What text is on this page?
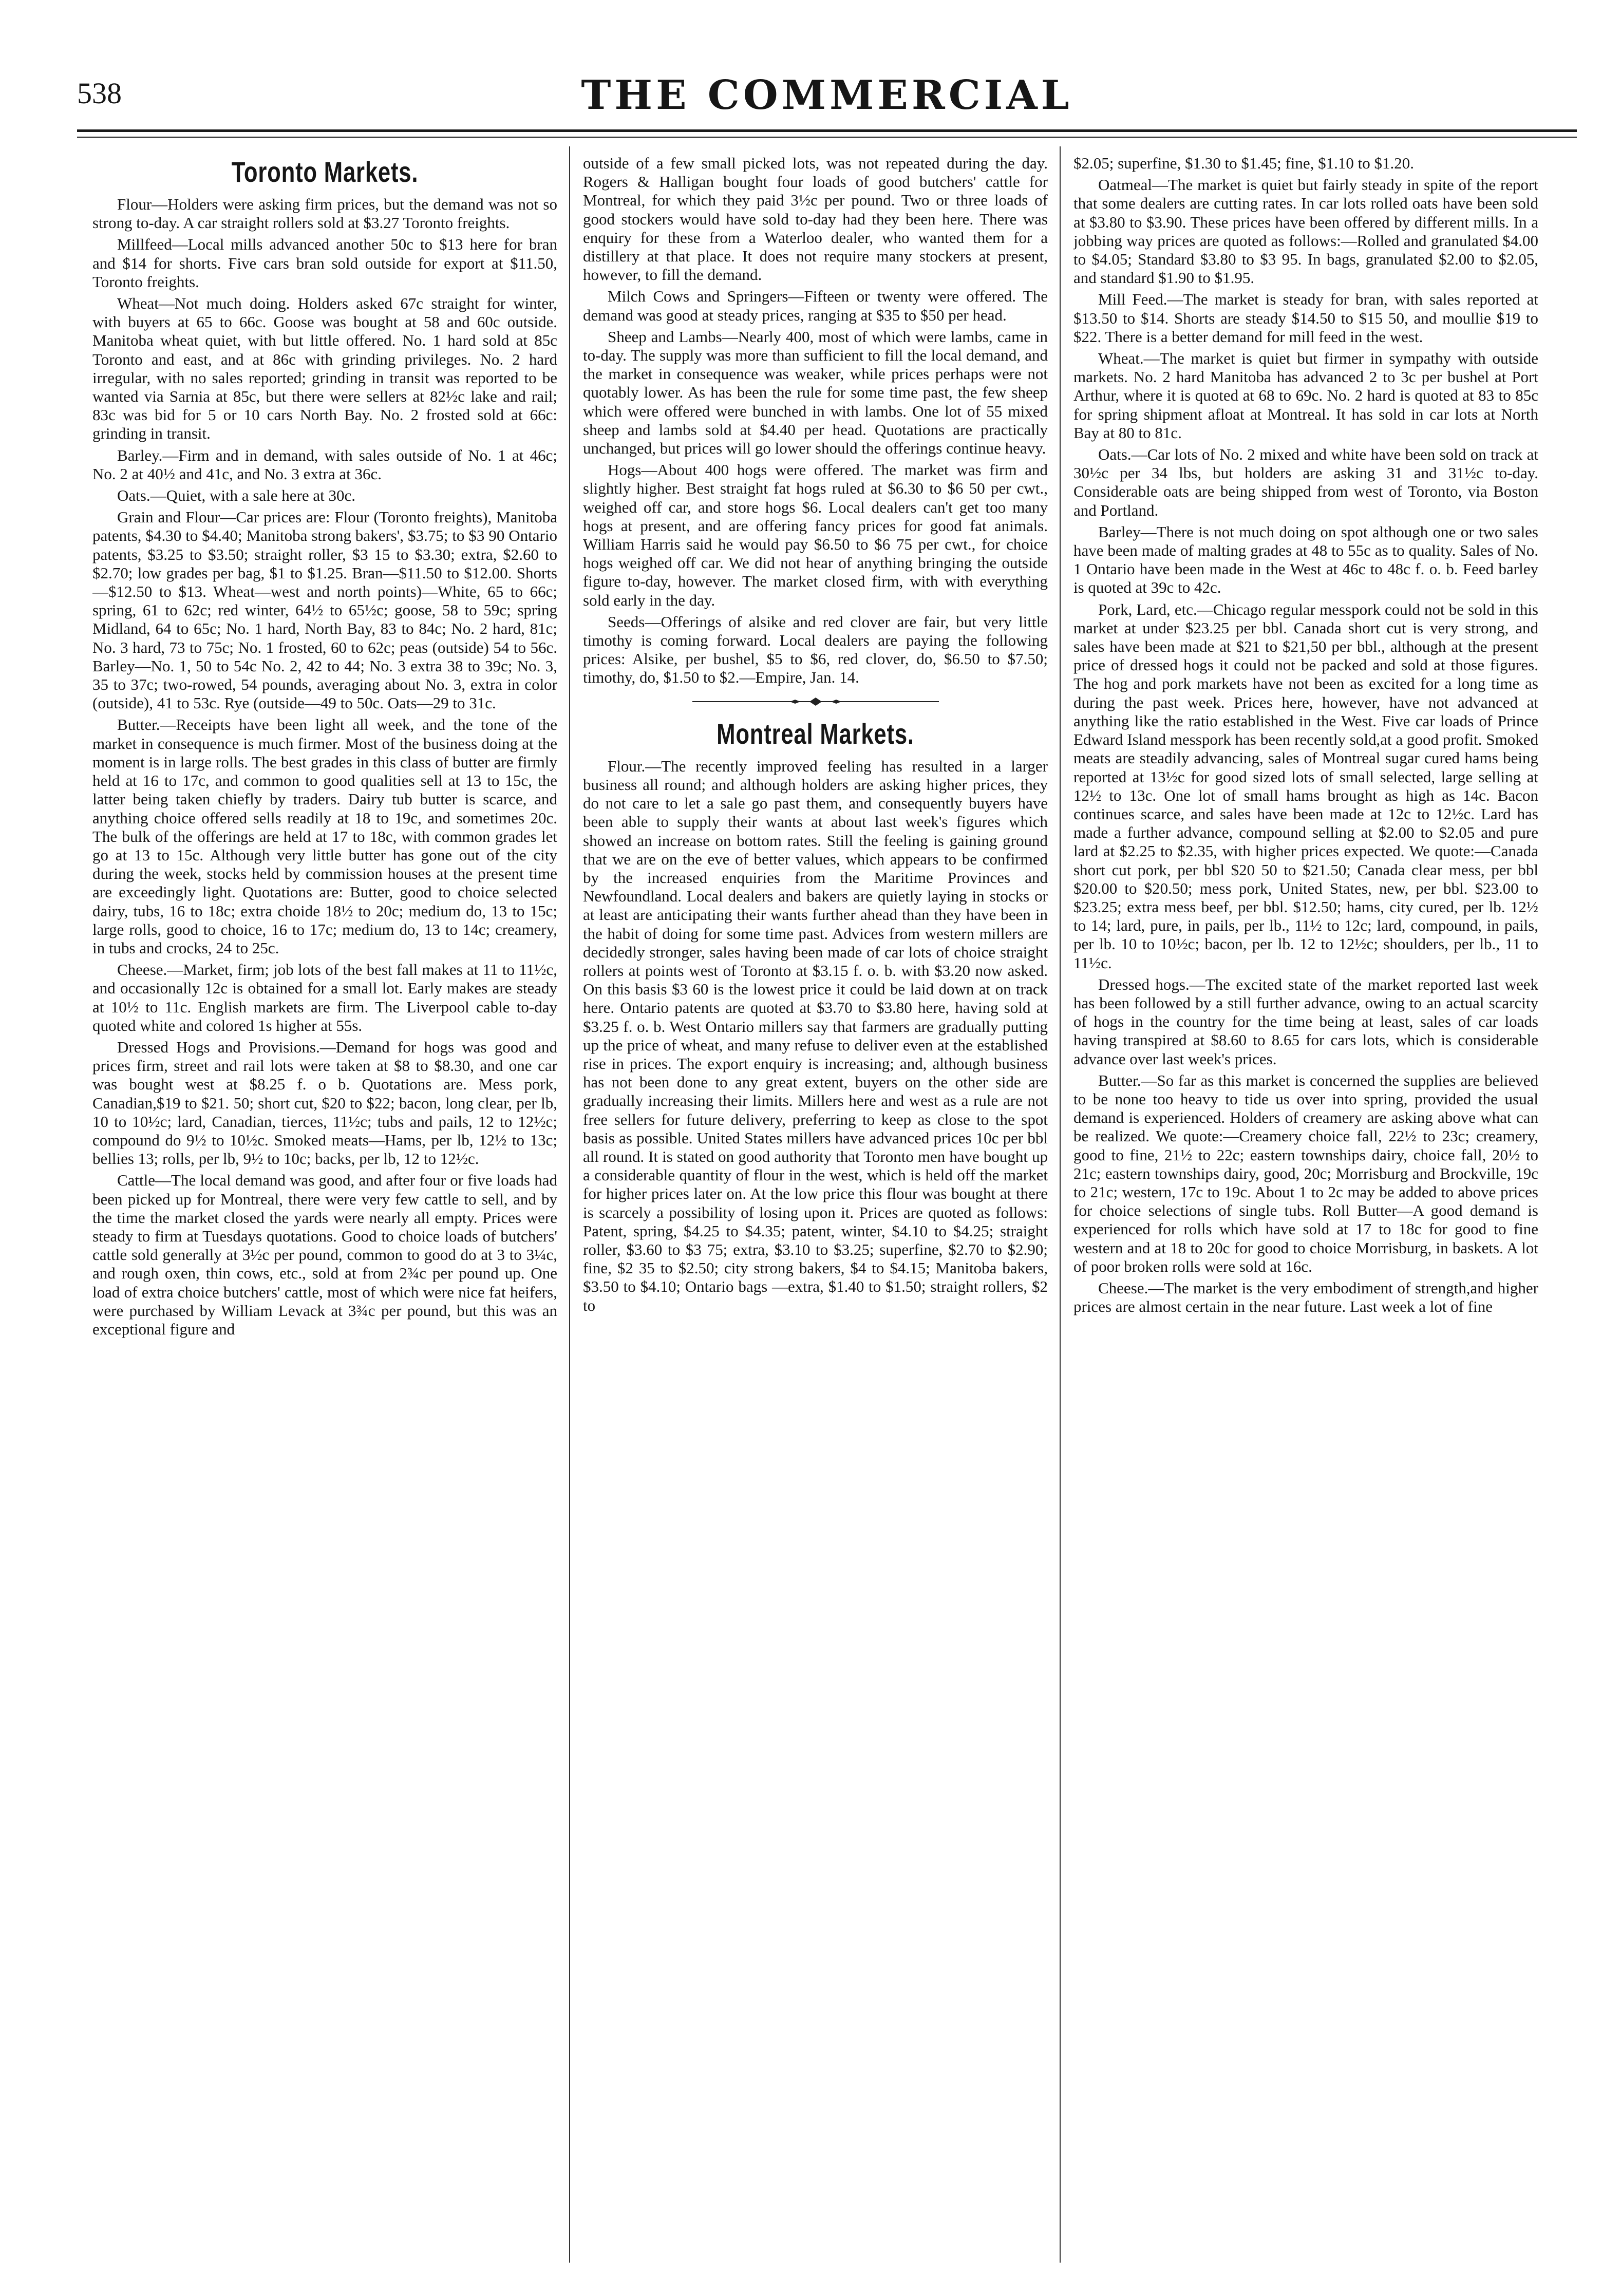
538	THE COMMERCIAL
Toronto Markets.

Flour—Holders were asking firm prices, but the demand was not so strong to-day. A car straight rollers sold at $3.27 Toronto freights.

Millfeed—Local mills advanced another 50c to $13 here for bran and $14 for shorts. Five cars bran sold outside for export at $11.50, Toronto freights.

Wheat—Not much doing. Holders asked 67c straight for winter, with buyers at 65 to 66c. Goose was bought at 58 and 60c outside. Manitoba wheat quiet, with but little offered. No. 1 hard sold at 85c Toronto and east, and at 86c with grinding privileges. No. 2 hard irregular, with no sales reported; grinding in transit was reported to be wanted via Sarnia at 85c, but there were sellers at 82½c lake and rail; 83c was bid for 5 or 10 cars North Bay. No. 2 frosted sold at 66c: grinding in transit.

Barley.—Firm and in demand, with sales outside of No. 1 at 46c; No. 2 at 40½ and 41c, and No. 3 extra at 36c.

Oats.—Quiet, with a sale here at 30c.

Grain and Flour—Car prices are: Flour (Toronto freights), Manitoba patents, $4.30 to $4.40; Manitoba strong bakers', $3.75; to $3 90 Ontario patents, $3.25 to $3.50; straight roller, $3 15 to $3.30; extra, $2.60 to $2.70; low grades per bag, $1 to $1.25. Bran—$11.50 to $12.00. Shorts—$12.50 to $13. Wheat—west and north points)—White, 65 to 66c; spring, 61 to 62c; red winter, 64½ to 65½c; goose, 58 to 59c; spring Midland, 64 to 65c; No. 1 hard, North Bay, 83 to 84c; No. 2 hard, 81c; No. 3 hard, 73 to 75c; No. 1 frosted, 60 to 62c; peas (outside) 54 to 56c. Barley—No. 1, 50 to 54c No. 2, 42 to 44; No. 3 extra 38 to 39c; No. 3, 35 to 37c; two-rowed, 54 pounds, averaging about No. 3, extra in color (outside), 41 to 53c. Rye (outside—49 to 50c. Oats—29 to 31c.

Butter.—Receipts have been light all week, and the tone of the market in consequence is much firmer. Most of the business doing at the moment is in large rolls. The best grades in this class of butter are firmly held at 16 to 17c, and common to good qualities sell at 13 to 15c, the latter being taken chiefly by traders. Dairy tub butter is scarce, and anything choice offered sells readily at 18 to 19c, and sometimes 20c. The bulk of the offerings are held at 17 to 18c, with common grades let go at 13 to 15c. Although very little butter has gone out of the city during the week, stocks held by commission houses at the present time are exceedingly light. Quotations are: Butter, good to choice selected dairy, tubs, 16 to 18c; extra choide 18½ to 20c; medium do, 13 to 15c; large rolls, good to choice, 16 to 17c; medium do, 13 to 14c; creamery, in tubs and crocks, 24 to 25c.

Cheese.—Market, firm; job lots of the best fall makes at 11 to 11½c, and occasionally 12c is obtained for a small lot. Early makes are steady at 10½ to 11c. English markets are firm. The Liverpool cable to-day quoted white and colored 1s higher at 55s.

Dressed Hogs and Provisions.—Demand for hogs was good and prices firm, street and rail lots were taken at $8 to $8.30, and one car was bought west at $8.25 f. o b. Quotations are. Mess pork, Canadian,$19 to $21. 50; short cut, $20 to $22; bacon, long clear, per lb, 10 to 10½c; lard, Canadian, tierces, 11½c; tubs and pails, 12 to 12½c; compound do 9½ to 10½c. Smoked meats—Hams, per lb, 12½ to 13c; bellies 13; rolls, per lb, 9½ to 10c; backs, per lb, 12 to 12½c.

Cattle—The local demand was good, and after four or five loads had been picked up for Montreal, there were very few cattle to sell, and by the time the market closed the yards were nearly all empty. Prices were steady to firm at Tuesdays quotations. Good to choice loads of butchers' cattle sold generally at 3½c per pound, common to good do at 3 to 3¼c, and rough oxen, thin cows, etc., sold at from 2¾c per pound up. One load of extra choice butchers' cattle, most of which were nice fat heifers, were purchased by William Levack at 3¾c per pound, but this was an exceptional figure and

outside of a few small picked lots, was not repeated during the day. Rogers & Halligan bought four loads of good butchers' cattle for Montreal, for which they paid 3½c per pound. Two or three loads of good stockers would have sold to-day had they been here. There was enquiry for these from a Waterloo dealer, who wanted them for a distillery at that place. It does not require many stockers at present, however, to fill the demand.

Milch Cows and Springers—Fifteen or twenty were offered. The demand was good at steady prices, ranging at $35 to $50 per head.

Sheep and Lambs—Nearly 400, most of which were lambs, came in to-day. The supply was more than sufficient to fill the local demand, and the market in consequence was weaker, while prices perhaps were not quotably lower. As has been the rule for some time past, the few sheep which were offered were bunched in with lambs. One lot of 55 mixed sheep and lambs sold at $4.40 per head. Quotations are practically unchanged, but prices will go lower should the offerings continue heavy.

Hogs—About 400 hogs were offered. The market was firm and slightly higher. Best straight fat hogs ruled at $6.30 to $6 50 per cwt., weighed off car, and store hogs $6. Local dealers can't get too many hogs at present, and are offering fancy prices for good fat animals. William Harris said he would pay $6.50 to $6 75 per cwt., for choice hogs weighed off car. We did not hear of anything bringing the outside figure to-day, however. The market closed firm, with with everything sold early in the day.

Seeds—Offerings of alsike and red clover are fair, but very little timothy is coming forward. Local dealers are paying the following prices: Alsike, per bushel, $5 to $6, red clover, do, $6.50 to $7.50; timothy, do, $1.50 to $2.—Empire, Jan. 14.

Montreal Markets.

Flour.—The recently improved feeling has resulted in a larger business all round; and although holders are asking higher prices, they do not care to let a sale go past them, and consequently buyers have been able to supply their wants at about last week's figures which showed an increase on bottom rates. Still the feeling is gaining ground that we are on the eve of better values, which appears to be confirmed by the increased enquiries from the Maritime Provinces and Newfoundland. Local dealers and bakers are quietly laying in stocks or at least are anticipating their wants further ahead than they have been in the habit of doing for some time past. Advices from western millers are decidedly stronger, sales having been made of car lots of choice straight rollers at points west of Toronto at $3.15 f. o. b. with $3.20 now asked. On this basis $3 60 is the lowest price it could be laid down at on track here. Ontario patents are quoted at $3.70 to $3.80 here, having sold at $3.25 f. o. b. West Ontario millers say that farmers are gradually putting up the price of wheat, and many refuse to deliver even at the established rise in prices. The export enquiry is increasing; and, although business has not been done to any great extent, buyers on the other side are gradually increasing their limits. Millers here and west as a rule are not free sellers for future delivery, preferring to keep as close to the spot basis as possible. United States millers have advanced prices 10c per bbl all round. It is stated on good authority that Toronto men have bought up a considerable quantity of flour in the west, which is held off the market for higher prices later on. At the low price this flour was bought at there is scarcely a possibility of losing upon it. Prices are quoted as follows: Patent, spring, $4.25 to $4.35; patent, winter, $4.10 to $4.25; straight roller, $3.60 to $3 75; extra, $3.10 to $3.25; superfine, $2.70 to $2.90; fine, $2 35 to $2.50; city strong bakers, $4 to $4.15; Manitoba bakers, $3.50 to $4.10; Ontario bags —extra, $1.40 to $1.50; straight rollers, $2 to

$2.05; superfine, $1.30 to $1.45; fine, $1.10 to $1.20.

Oatmeal—The market is quiet but fairly steady in spite of the report that some dealers are cutting rates. In car lots rolled oats have been sold at $3.80 to $3.90. These prices have been offered by different mills. In a jobbing way prices are quoted as follows:—Rolled and granulated $4.00 to $4.05; Standard $3.80 to $3 95. In bags, granulated $2.00 to $2.05, and standard $1.90 to $1.95.

Mill Feed.—The market is steady for bran, with sales reported at $13.50 to $14. Shorts are steady $14.50 to $15 50, and moullie $19 to $22. There is a better demand for mill feed in the west.

Wheat.—The market is quiet but firmer in sympathy with outside markets. No. 2 hard Manitoba has advanced 2 to 3c per bushel at Port Arthur, where it is quoted at 68 to 69c. No. 2 hard is quoted at 83 to 85c for spring shipment afloat at Montreal. It has sold in car lots at North Bay at 80 to 81c.

Oats.—Car lots of No. 2 mixed and white have been sold on track at 30½c per 34 lbs, but holders are asking 31 and 31½c to-day. Considerable oats are being shipped from west of Toronto, via Boston and Portland.

Barley—There is not much doing on spot although one or two sales have been made of malting grades at 48 to 55c as to quality. Sales of No. 1 Ontario have been made in the West at 46c to 48c f. o. b. Feed barley is quoted at 39c to 42c.

Pork, Lard, etc.—Chicago regular messpork could not be sold in this market at under $23.25 per bbl. Canada short cut is very strong, and sales have been made at $21 to $21,50 per bbl., although at the present price of dressed hogs it could not be packed and sold at those figures. The hog and pork markets have not been as excited for a long time as during the past week. Prices here, however, have not advanced at anything like the ratio established in the West. Five car loads of Prince Edward Island messpork has been recently sold,at a good profit. Smoked meats are steadily advancing, sales of Montreal sugar cured hams being reported at 13½c for good sized lots of small selected, large selling at 12½ to 13c. One lot of small hams brought as high as 14c. Bacon continues scarce, and sales have been made at 12c to 12½c. Lard has made a further advance, compound selling at $2.00 to $2.05 and pure lard at $2.25 to $2.35, with higher prices expected. We quote:—Canada short cut pork, per bbl $20 50 to $21.50; Canada clear mess, per bbl $20.00 to $20.50; mess pork, United States, new, per bbl. $23.00 to $23.25; extra mess beef, per bbl. $12.50; hams, city cured, per lb. 12½ to 14; lard, pure, in pails, per lb., 11½ to 12c; lard, compound, in pails, per lb. 10 to 10½c; bacon, per lb. 12 to 12½c; shoulders, per lb., 11 to 11½c.

Dressed hogs.—The excited state of the market reported last week has been followed by a still further advance, owing to an actual scarcity of hogs in the country for the time being at least, sales of car loads having transpired at $8.60 to 8.65 for cars lots, which is considerable advance over last week's prices.

Butter.—So far as this market is concerned the supplies are believed to be none too heavy to tide us over into spring, provided the usual demand is experienced. Holders of creamery are asking above what can be realized. We quote:—Creamery choice fall, 22½ to 23c; creamery, good to fine, 21½ to 22c; eastern townships dairy, choice fall, 20½ to 21c; eastern townships dairy, good, 20c; Morrisburg and Brockville, 19c to 21c; western, 17c to 19c. About 1 to 2c may be added to above prices for choice selections of single tubs. Roll Butter—A good demand is experienced for rolls which have sold at 17 to 18c for good to fine western and at 18 to 20c for good to choice Morrisburg, in baskets. A lot of poor broken rolls were sold at 16c.

Cheese.—The market is the very embodiment of strength,and higher prices are almost certain in the near future. Last week a lot of fine
